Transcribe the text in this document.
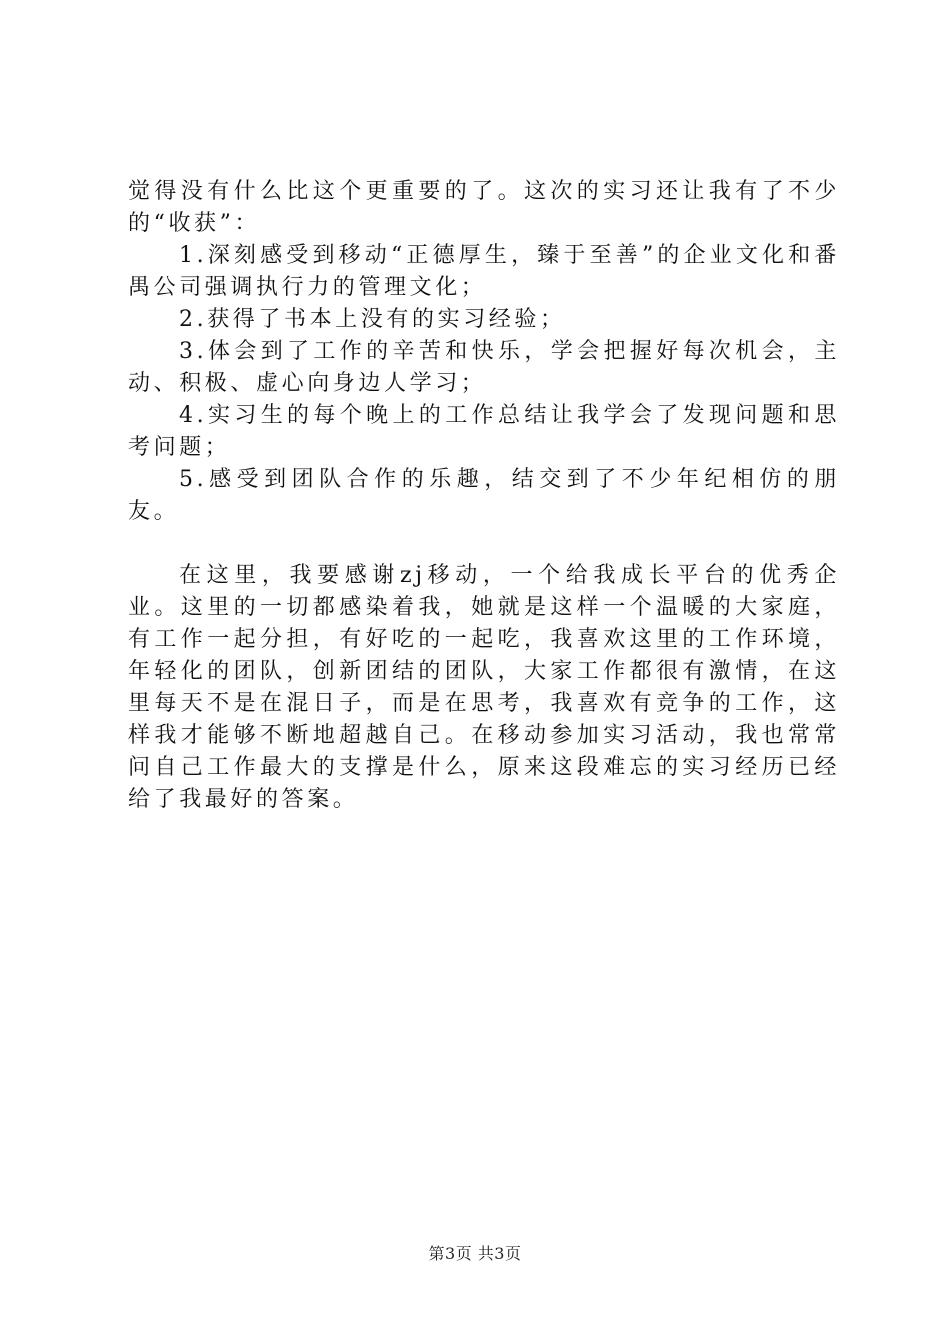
觉得没有什么比这个更重要的了。这次的实习还让我有了不少的“收获”：

1.深刻感受到移动“正德厚生，臻于至善”的企业文化和番禺公司强调执行力的管理文化；

2.获得了书本上没有的实习经验；

3.体会到了工作的辛苦和快乐，学会把握好每次机会，主动、积极、虚心向身边人学习；

4.实习生的每个晚上的工作总结让我学会了发现问题和思考问题；

5.感受到团队合作的乐趣，结交到了不少年纪相仿的朋友。

在这里，我要感谢zj移动，一个给我成长平台的优秀企业。这里的一切都感染着我，她就是这样一个温暖的大家庭，有工作一起分担，有好吃的一起吃，我喜欢这里的工作环境，年轻化的团队，创新团结的团队，大家工作都很有激情，在这里每天不是在混日子，而是在思考，我喜欢有竞争的工作，这样我才能够不断地超越自己。在移动参加实习活动，我也常常问自己工作最大的支撑是什么，原来这段难忘的实习经历已经给了我最好的答案。

第3页 共3页
